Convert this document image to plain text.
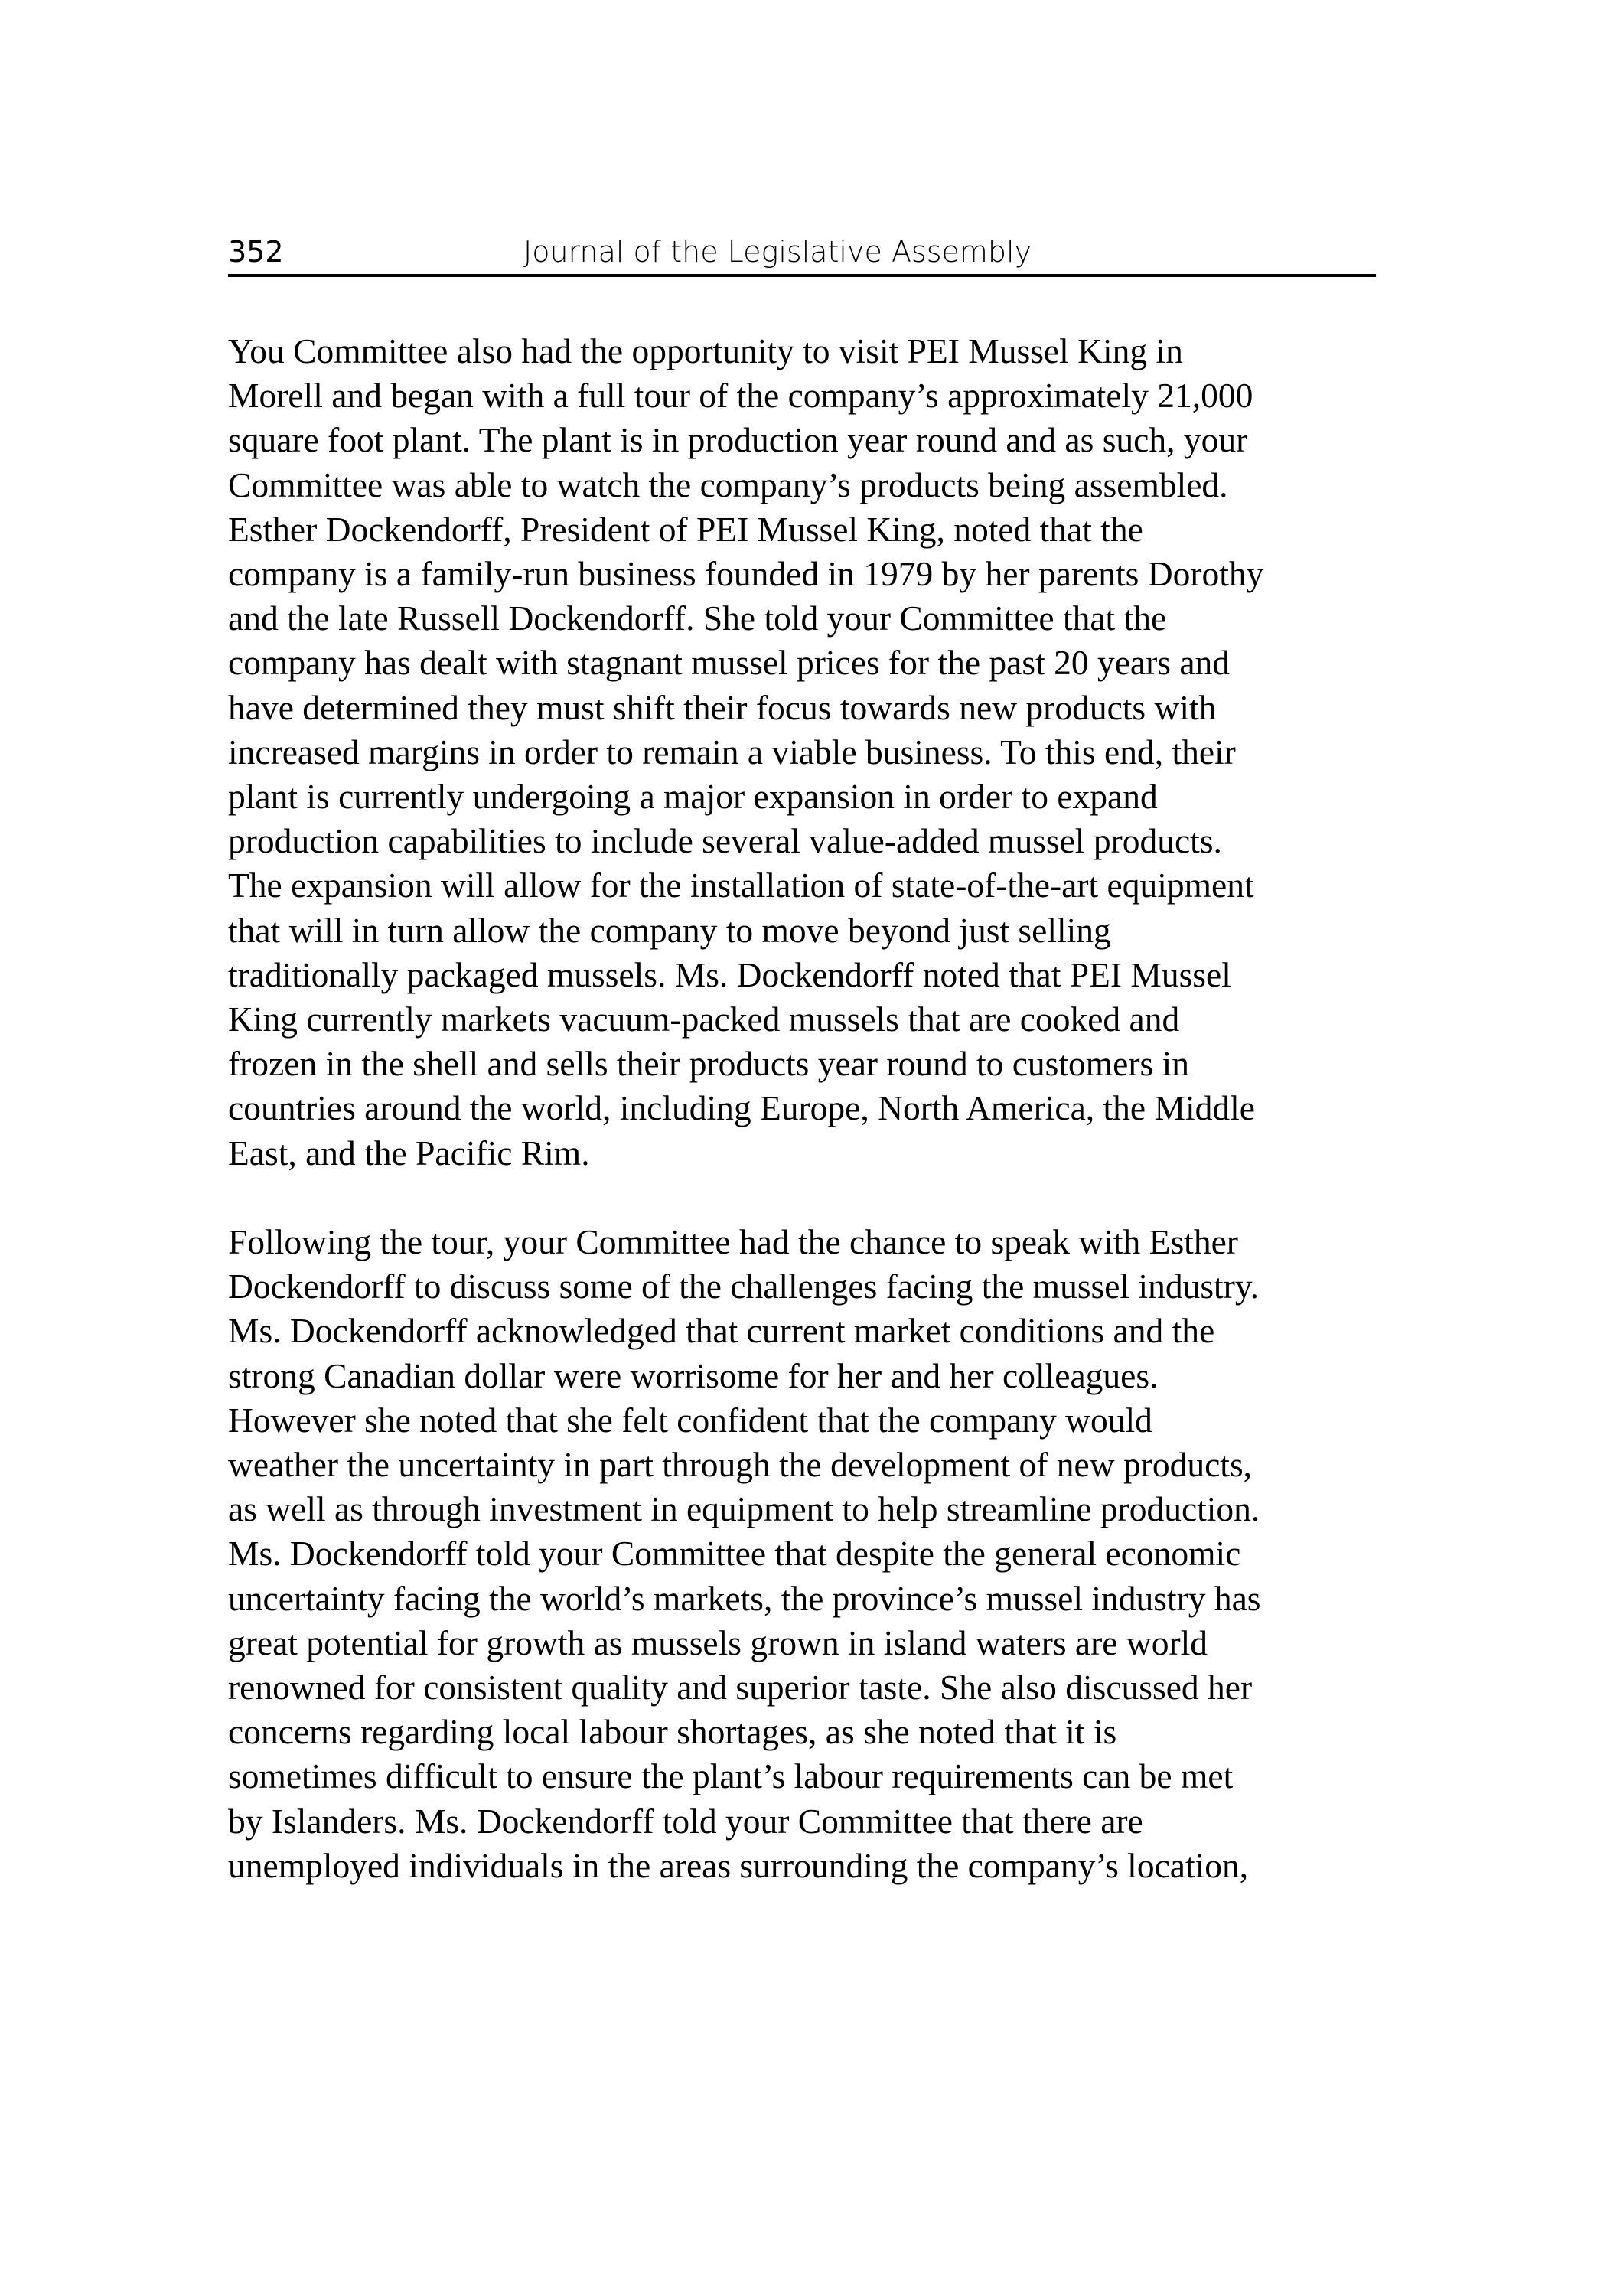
352	Journal of the Legislative Assembly

You Committee also had the opportunity to visit PEI Mussel King in
Morell and began with a full tour of the company’s approximately 21,000
square foot plant. The plant is in production year round and as such, your
Committee was able to watch the company’s products being assembled.
Esther Dockendorff, President of PEI Mussel King, noted that the
company is a family-run business founded in 1979 by her parents Dorothy
and the late Russell Dockendorff. She told your Committee that the
company has dealt with stagnant mussel prices for the past 20 years and
have determined they must shift their focus towards new products with
increased margins in order to remain a viable business. To this end, their
plant is currently undergoing a major expansion in order to expand
production capabilities to include several value-added mussel products.
The expansion will allow for the installation of state-of-the-art equipment
that will in turn allow the company to move beyond just selling
traditionally packaged mussels. Ms. Dockendorff noted that PEI Mussel
King currently markets vacuum-packed mussels that are cooked and
frozen in the shell and sells their products year round to customers in
countries around the world, including Europe, North America, the Middle
East, and the Pacific Rim.

Following the tour, your Committee had the chance to speak with Esther
Dockendorff to discuss some of the challenges facing the mussel industry.
Ms. Dockendorff acknowledged that current market conditions and the
strong Canadian dollar were worrisome for her and her colleagues.
However she noted that she felt confident that the company would
weather the uncertainty in part through the development of new products,
as well as through investment in equipment to help streamline production.
Ms. Dockendorff told your Committee that despite the general economic
uncertainty facing the world’s markets, the province’s mussel industry has
great potential for growth as mussels grown in island waters are world
renowned for consistent quality and superior taste. She also discussed her
concerns regarding local labour shortages, as she noted that it is
sometimes difficult to ensure the plant’s labour requirements can be met
by Islanders. Ms. Dockendorff told your Committee that there are
unemployed individuals in the areas surrounding the company’s location,
